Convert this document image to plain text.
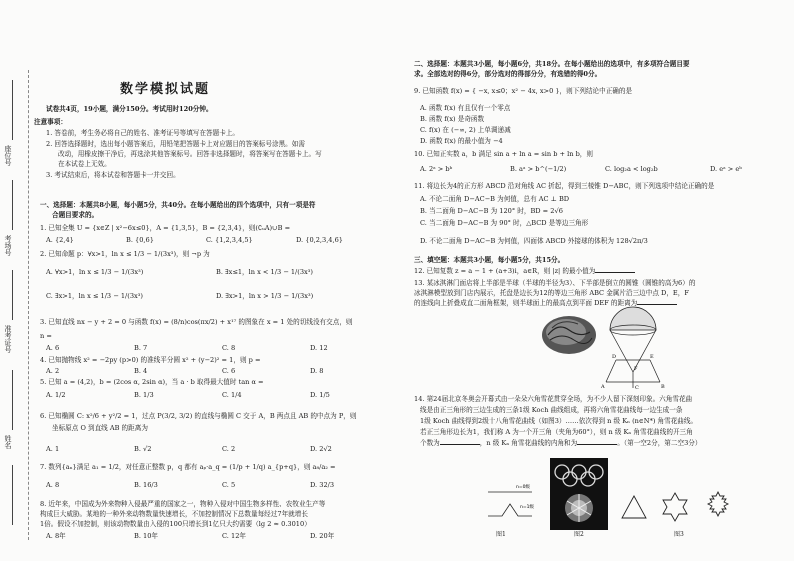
座位号
考场号
准考证号
姓名
数学模拟试题
试卷共4页，19小题，满分150分。考试用时120分钟。
注意事项：
1. 答卷前，考生务必将自己的姓名、准考证号等填写在答题卡上。
2. 回答选择题时，选出每小题答案后，用铅笔把答题卡上对应题目的答案标号涂黑。如需
改动，用橡皮擦干净后，再选涂其他答案标号。回答非选择题时，将答案写在答题卡上。写
在本试卷上无效。
3. 考试结束后，将本试卷和答题卡一并交回。
一、选择题：本题共8小题，每小题5分，共40分。在每小题给出的四个选项中，只有一项是符
合题目要求的。
1. 已知全集 U = {x∈Z | x²−6x≤0}，A = {1,3,5}，B = {2,3,4}，则(∁ᵤA)∪B =
A. {2,4}	B. {0,6}	C. {1,2,3,4,5}	D. {0,2,3,4,6}
2. 已知命题 p：∀x>1，ln x ≤ 1/3 − 1/(3x³)，则 ¬p 为
A. ∀x>1，ln x ≤ 1/3 − 1/(3x³)	B. ∃x≤1，ln x < 1/3 − 1/(3x³)
C. ∃x>1，ln x ≤ 1/3 − 1/(3x³)	D. ∃x>1，ln x > 1/3 − 1/(3x³)
3. 已知直线 nx − y + 2 = 0 与函数 f(x) = (8/n)cos(πx/2) + x¹⁷ 的图象在 x = 1 处的切线没有交点，则
n =
A. 6	B. 7	C. 8	D. 12
4. 已知抛物线 x² = −2py (p>0) 的准线平分圆 x² + (y−2)² = 1，则 p =
A. 2	B. 4	C. 6	D. 8
5. 已知 a = (4,2)，b = (2cos α, 2sin α)，当 a · b 取得最大值时 tan α =
A. 1/2	B. 1/3	C. 1/4	D. 1/5
6. 已知椭圆 C: x²/6 + y²/2 = 1，过点 P(3/2, 3/2) 的直线与椭圆 C 交于 A，B 两点且 AB 的中点为 P，则
坐标原点 O 到直线 AB 的距离为
A. 1	B. √2	C. 2	D. 2√2
7. 数列{aₙ}满足 a₁ = 1/2，对任意正整数 p，q 都有 aₚ·a_q = (1/p + 1/q) a_{p+q}，则 a₈/a₂ =
A. 8	B. 16/3	C. 5	D. 32/3
8. 近年来，中国成为外来物种入侵最严重的国家之一，物种入侵对中国生物多样性、农牧业生产等
构成巨大威胁。某地的一种外来动物数量快速增长，不加控制情况下总数量每经过7年就增长
1倍。假设不加控制，则该动物数量由入侵的100只增长到1亿只大约需要（lg 2 ≈ 0.3010）
A. 8年	B. 10年	C. 12年	D. 20年
二、选择题：本题共3小题，每小题6分，共18分。在每小题给出的选项中，有多项符合题目要
求。全部选对的得6分，部分选对的得部分分，有选错的得0分。
9. 已知函数 f(x) = { −x, x≤0；x² − 4x, x>0 }，则下列结论中正确的是
A. 函数 f(x) 有且仅有一个零点
B. 函数 f(x) 是奇函数
C. f(x) 在 (−∞, 2) 上单调递减
D. 函数 f(x) 的最小值为 −4
10. 已知正实数 a，b 满足 sin a + ln a = sin b + ln b，则
A. 2ᵃ > bᵇ	B. aᵃ > b^(−1/2)	C. log₂a < log₂b	D. eᵃ > eᵇ
11. 将边长为4的正方形 ABCD 沿对角线 AC 折起，得到三棱锥 D−ABC，则下列选项中结论正确的是
A. 不论二面角 D−AC−B 为何值，总有 AC ⊥ BD
B. 当二面角 D−AC−B 为 120° 时，BD = 2√6
C. 当二面角 D−AC−B 为 90° 时，△BCD 是等边三角形
D. 不论二面角 D−AC−B 为何值，四面体 ABCD 外接球的体积为 128√2π/3
三、填空题：本题共3小题，每小题5分，共15分。
12. 已知复数 z = a − 1 + (a+3)i，a∈R，则 |z| 的最小值为
13. 某冰淇淋门面店将上半部是半球（半球的半径为3）、下半部是倒立的圆锥（圆锥的高为6）的
冰淇淋模型放到门店内展示，托盘是边长为12的等边三角形 ABC 金属片沿三边中点 D，E，F
的连线向上折叠成直二面角框架，则半球面上的最高点到平面 DEF 的距离为
D	E
F
A	B
C
14. 第24届北京冬奥会开幕式由一朵朵六角雪花贯穿全场，为不少人留下深刻印象。六角雪花曲
线是由正三角形的三边生成的三条1级 Koch 曲线组成，再将六角雪花曲线每一边生成一条
1级 Koch 曲线得到2级十八角雪花曲线（如图3）……依次得到 n 级 Kₙ (n∈N*) 角雪花曲线。
若正三角形边长为1，我们称 A 为一个开三角（夹角为60°），则 n 级 Kₙ 角雪花曲线的开三角
个数为	，n 级 Kₙ 角雪花曲线的内角和为	。（第一空2分，第二空3分）
n=0级
n=1级
图1	图2	图3
